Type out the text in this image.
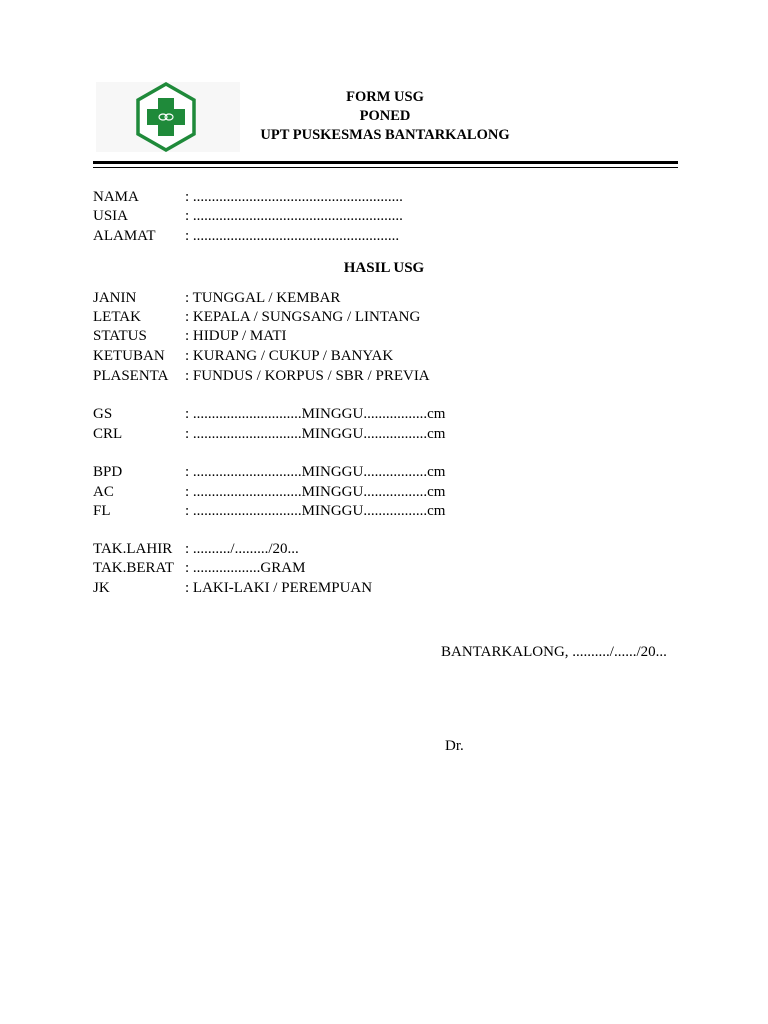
FORM USG
PONED
UPT PUSKESMAS BANTARKALONG
NAMA	: ........................................................
USIA	: ........................................................
ALAMAT : .......................................................
HASIL USG
JANIN	: TUNGGAL / KEMBAR
LETAK	: KEPALA / SUNGSANG / LINTANG
STATUS	: HIDUP / MATI
KETUBAN : KURANG / CUKUP / BANYAK
PLASENTA : FUNDUS / KORPUS / SBR / PREVIA
GS	: .............................MINGGU.................cm
CRL	: .............................MINGGU.................cm
BPD	: .............................MINGGU.................cm
AC	: .............................MINGGU.................cm
FL	: .............................MINGGU.................cm
TAK.LAHIR : ........../........./20...
TAK.BERAT : ..................GRAM
JK	: LAKI-LAKI / PEREMPUAN
BANTARKALONG, ........../....../20...
Dr.
